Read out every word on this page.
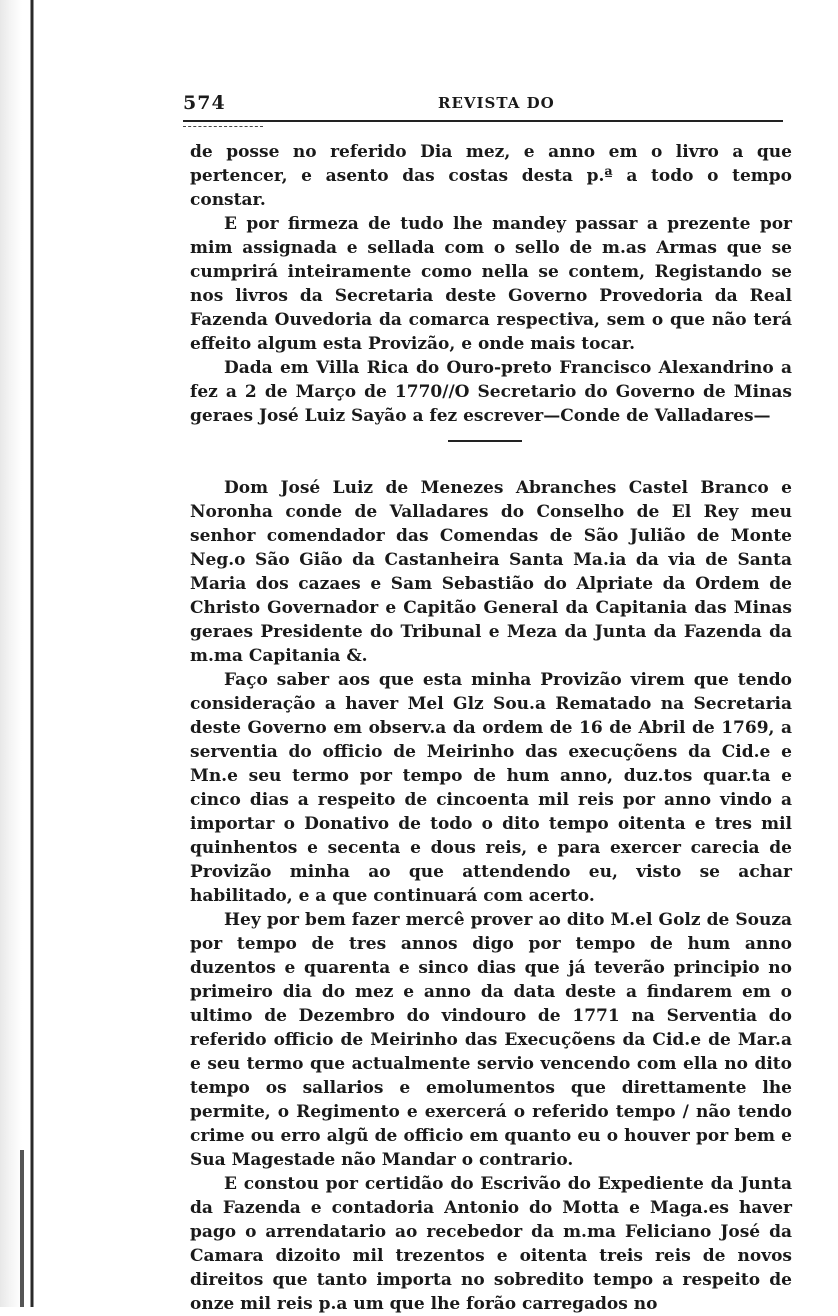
574	REVISTA DO

de posse no referido Dia mez, e anno em o livro a que pertencer, e asento das costas desta p.ª a todo o tempo constar.

E por firmeza de tudo lhe mandey passar a prezente por mim assignada e sellada com o sello de m.as Armas que se cumprirá inteiramente como nella se contem, Registando se nos livros da Secretaria deste Governo Provedoria da Real Fazenda Ouvedoria da comarca respectiva, sem o que não terá effeito algum esta Provizão, e onde mais tocar.

Dada em Villa Rica do Ouro-preto Francisco Alexandrino a fez a 2 de Março de 1770//O Secretario do Governo de Minas geraes José Luiz Sayão a fez escrever—Conde de Valladares—

Dom José Luiz de Menezes Abranches Castel Branco e Noronha conde de Valladares do Conselho de El Rey meu senhor comendador das Comendas de São Julião de Monte Neg.o São Gião da Castanheira Santa Ma.ia da via de Santa Maria dos cazaes e Sam Sebastião do Alpriate da Ordem de Christo Governador e Capitão General da Capitania das Minas geraes Presidente do Tribunal e Meza da Junta da Fazenda da m.ma Capitania &.

Faço saber aos que esta minha Provizão virem que tendo consideração a haver Mel Glz Sou.a Rematado na Secretaria deste Governo em observ.a da ordem de 16 de Abril de 1769, a serventia do officio de Meirinho das execuçõens da Cid.e e Mn.e seu termo por tempo de hum anno, duz.tos quar.ta e cinco dias a respeito de cincoenta mil reis por anno vindo a importar o Donativo de todo o dito tempo oitenta e tres mil quinhentos e secenta e dous reis, e para exercer carecia de Provizão minha ao que attendendo eu, visto se achar habilitado, e a que continuará com acerto.

Hey por bem fazer mercê prover ao dito M.el Golz de Souza por tempo de tres annos digo por tempo de hum anno duzentos e quarenta e sinco dias que já teverão principio no primeiro dia do mez e anno da data deste a findarem em o ultimo de Dezembro do vindouro de 1771 na Serventia do referido officio de Meirinho das Execuçõens da Cid.e de Mar.a e seu termo que actualmente servio vencendo com ella no dito tempo os sallarios e emolumentos que direttamente lhe permite, o Regimento e exercerá o referido tempo / não tendo crime ou erro algũ de officio em quanto eu o houver por bem e Sua Magestade não Mandar o contrario.

E constou por certidão do Escrivão do Expediente da Junta da Fazenda e contadoria Antonio do Motta e Maga.es haver pago o arrendatario ao recebedor da m.ma Feliciano José da Camara dizoito mil trezentos e oitenta treis reis de novos direitos que tanto importa no sobredito tempo a respeito de onze mil reis p.a um que lhe forão carregados no
